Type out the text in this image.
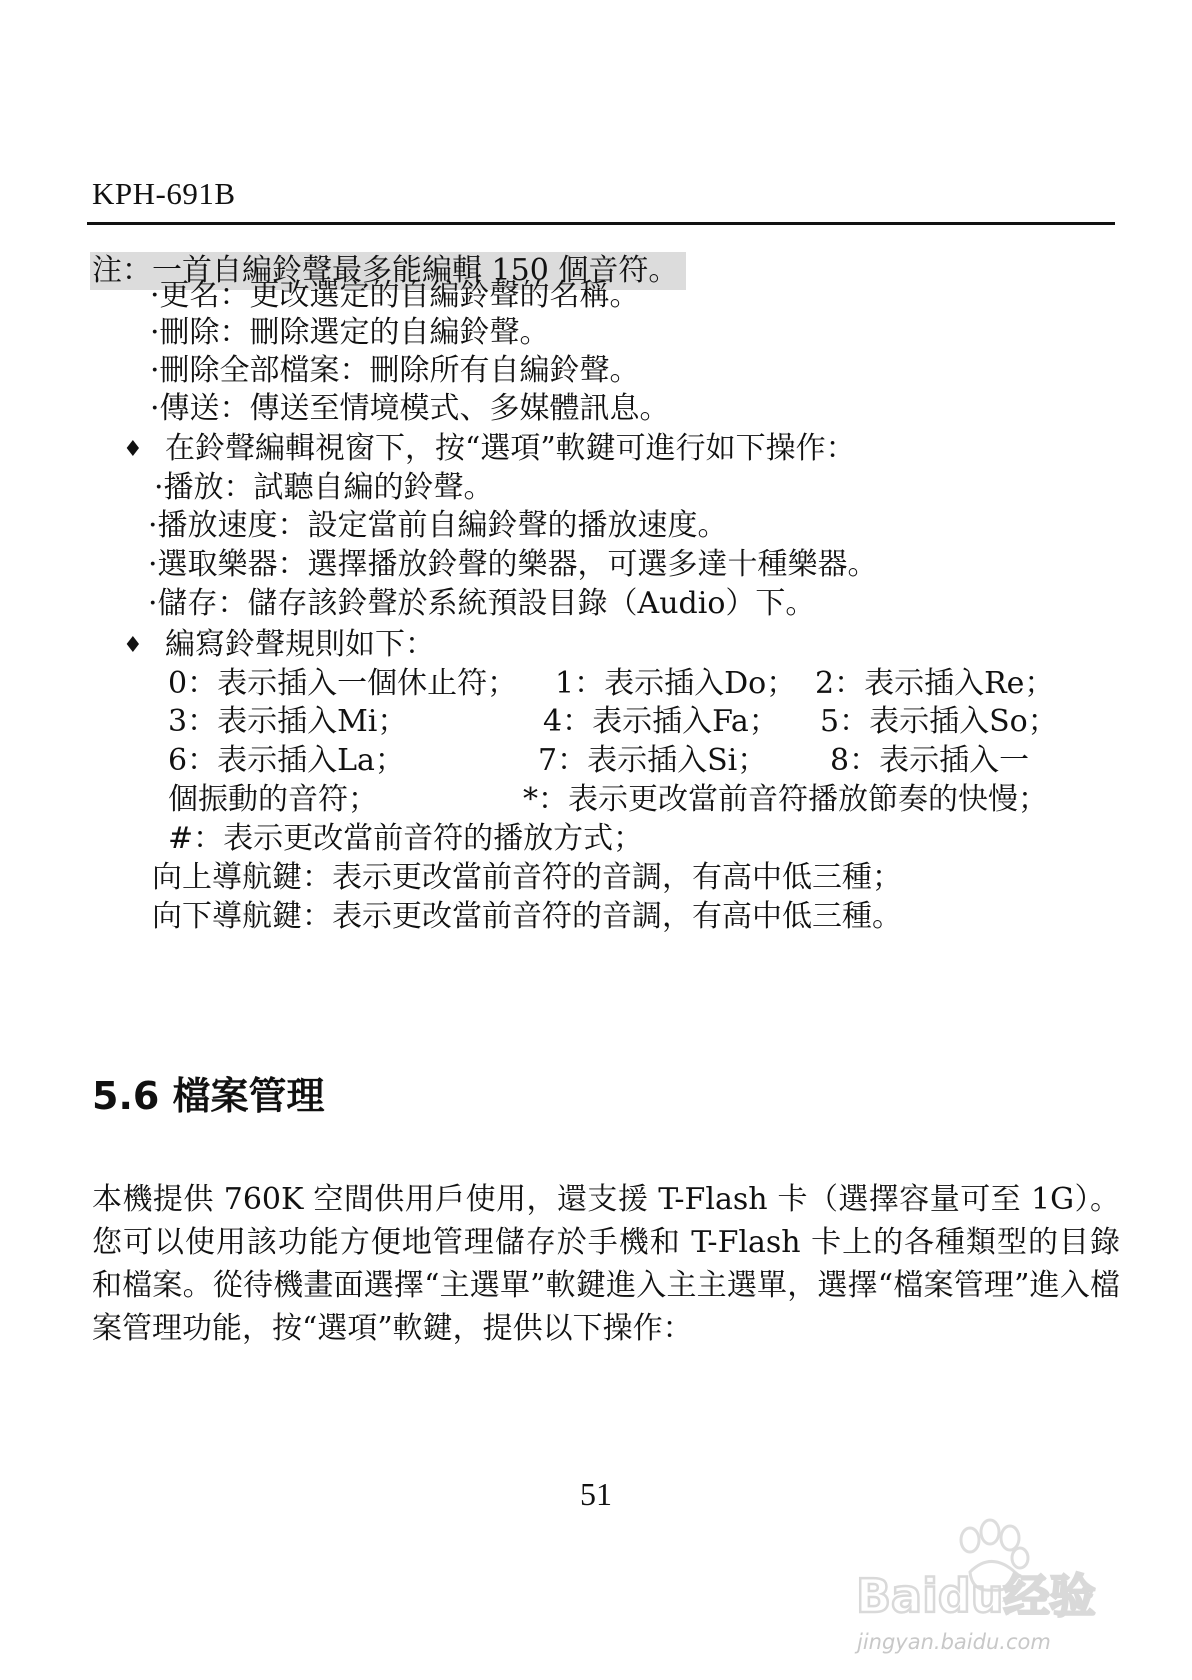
KPH-691B
注：一首自編鈴聲最多能編輯 150 個音符。
·更名：更改選定的自編鈴聲的名稱。
·刪除：刪除選定的自編鈴聲。
·刪除全部檔案：刪除所有自編鈴聲。
·傳送：傳送至情境模式、多媒體訊息。
♦ 在鈴聲編輯視窗下，按“選項”軟鍵可進行如下操作：
·播放：試聽自編的鈴聲。
·播放速度：設定當前自編鈴聲的播放速度。
·選取樂器：選擇播放鈴聲的樂器，可選多達十種樂器。
·儲存：儲存該鈴聲於系統預設目錄（Audio）下。
♦ 編寫鈴聲規則如下：
0：表示插入一個休止符； 1：表示插入Do； 2：表示插入Re；
3：表示插入Mi；	4：表示插入Fa； 5：表示插入So；
6：表示插入La；	7：表示插入Si； 8：表示插入一
個振動的音符；	*：表示更改當前音符播放節奏的快慢；
#：表示更改當前音符的播放方式；
向上導航鍵：表示更改當前音符的音調，有高中低三種；
向下導航鍵：表示更改當前音符的音調，有高中低三種。
5.6 檔案管理
本機提供 760K 空間供用戶使用，還支援 T-Flash 卡（選擇容量可至 1G）。您可以使用該功能方便地管理儲存於手機和 T-Flash 卡上的各種類型的目錄和檔案。從待機畫面選擇“主選單”軟鍵進入主主選單，選擇“檔案管理”進入檔案管理功能，按“選項”軟鍵，提供以下操作：
51
Baidu经验
jingyan.baidu.com
